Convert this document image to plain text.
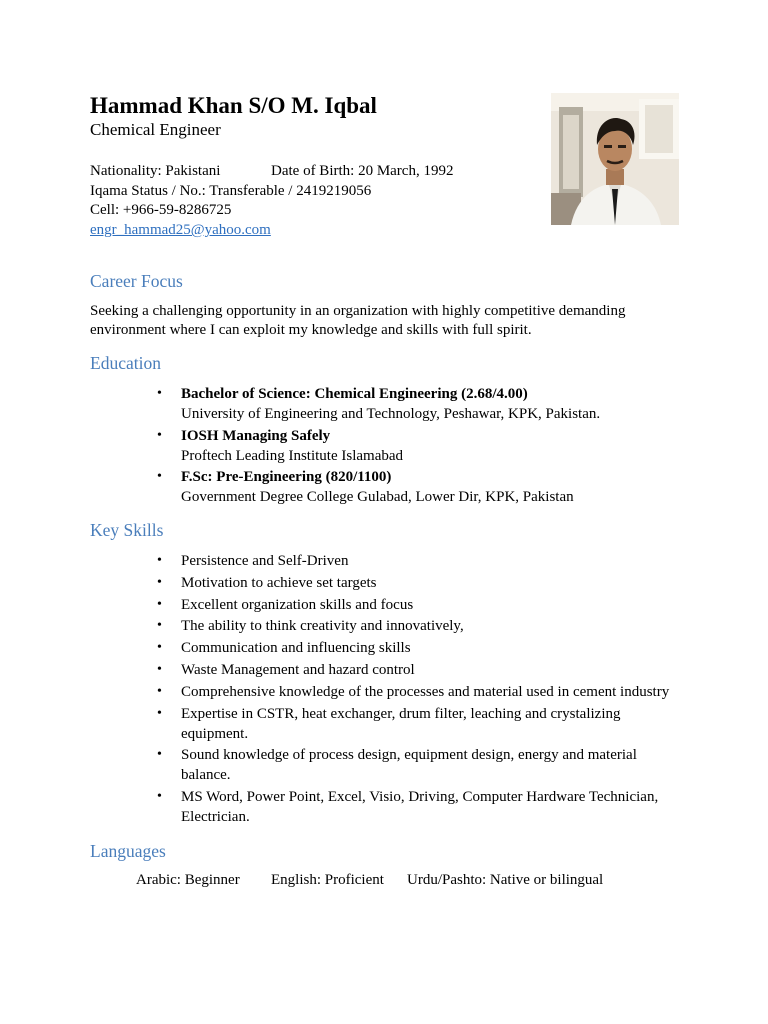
Hammad Khan S/O M. Iqbal
Chemical Engineer
Nationality: Pakistani	Date of Birth: 20 March, 1992
Iqama Status / No.: Transferable / 2419219056
Cell: +966-59-8286725
engr_hammad25@yahoo.com
Career Focus
Seeking a challenging opportunity in an organization with highly competitive demanding environment where I can exploit my knowledge and skills with full spirit.
Education
• Bachelor of Science: Chemical Engineering (2.68/4.00)
University of Engineering and Technology, Peshawar, KPK, Pakistan.
• IOSH Managing Safely
Proftech Leading Institute Islamabad
• F.Sc: Pre-Engineering (820/1100)
Government Degree College Gulabad, Lower Dir, KPK, Pakistan
Key Skills
• Persistence and Self-Driven
• Motivation to achieve set targets
• Excellent organization skills and focus
• The ability to think creativity and innovatively,
• Communication and influencing skills
• Waste Management and hazard control
• Comprehensive knowledge of the processes and material used in cement industry
• Expertise in CSTR, heat exchanger, drum filter, leaching and crystalizing equipment.
• Sound knowledge of process design, equipment design, energy and material balance.
• MS Word, Power Point, Excel, Visio, Driving, Computer Hardware Technician, Electrician.
Languages
Arabic: Beginner English: Proficient Urdu/Pashto: Native or bilingual
